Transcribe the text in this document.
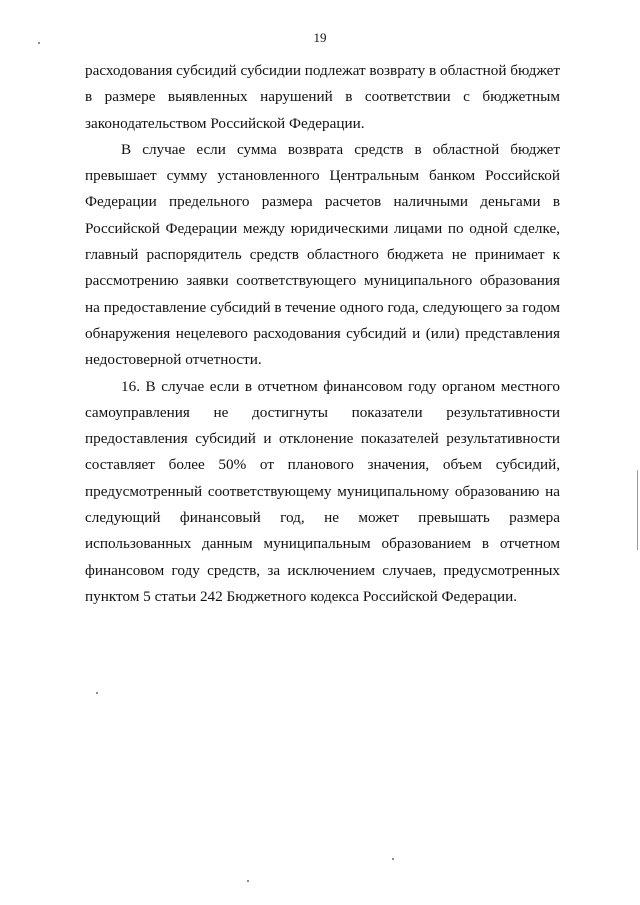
19

расходования субсидий субсидии подлежат возврату в областной бюджет в размере выявленных нарушений в соответствии с бюджетным законодательством Российской Федерации.

В случае если сумма возврата средств в областной бюджет превышает сумму установленного Центральным банком Российской Федерации предельного размера расчетов наличными деньгами в Российской Федерации между юридическими лицами по одной сделке, главный распорядитель средств областного бюджета не принимает к рассмотрению заявки соответствующего муниципального образования на предоставление субсидий в течение одного года, следующего за годом обнаружения нецелевого расходования субсидий и (или) представления недостоверной отчетности.

16. В случае если в отчетном финансовом году органом местного самоуправления не достигнуты показатели результативности предоставления субсидий и отклонение показателей результативности составляет более 50% от планового значения, объем субсидий, предусмотренный соответствующему муниципальному образованию на следующий финансовый год, не может превышать размера использованных данным муниципальным образованием в отчетном финансовом году средств, за исключением случаев, предусмотренных пунктом 5 статьи 242 Бюджетного кодекса Российской Федерации.
